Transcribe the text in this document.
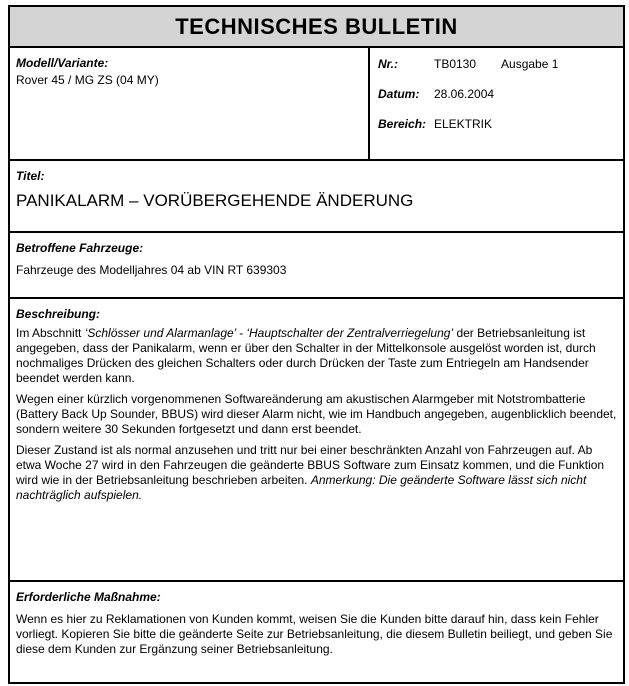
TECHNISCHES BULLETIN
Modell/Variante:
Rover 45 / MG ZS (04 MY)
Nr.:	TB0130 Ausgabe 1
Datum: 28.06.2004
Bereich: ELEKTRIK
Titel:
PANIKALARM – VORÜBERGEHENDE ÄNDERUNG
Betroffene Fahrzeuge:
Fahrzeuge des Modelljahres 04 ab VIN RT 639303
Beschreibung:

Im Abschnitt ‘Schlösser und Alarmanlage’ - ‘Hauptschalter der Zentralverriegelung’ der Betriebsanleitung ist angegeben, dass der Panikalarm, wenn er über den Schalter in der Mittelkonsole ausgelöst worden ist, durch nochmaliges Drücken des gleichen Schalters oder durch Drücken der Taste zum Entriegeln am Handsender beendet werden kann.

Wegen einer kürzlich vorgenommenen Softwareänderung am akustischen Alarmgeber mit Notstrombatterie (Battery Back Up Sounder, BBUS) wird dieser Alarm nicht, wie im Handbuch angegeben, augenblicklich beendet, sondern weitere 30 Sekunden fortgesetzt und dann erst beendet.

Dieser Zustand ist als normal anzusehen und tritt nur bei einer beschränkten Anzahl von Fahrzeugen auf. Ab etwa Woche 27 wird in den Fahrzeugen die geänderte BBUS Software zum Einsatz kommen, und die Funktion wird wie in der Betriebsanleitung beschrieben arbeiten. Anmerkung: Die geänderte Software lässt sich nicht nachträglich aufspielen.

Erforderliche Maßnahme:

Wenn es hier zu Reklamationen von Kunden kommt, weisen Sie die Kunden bitte darauf hin, dass kein Fehler vorliegt. Kopieren Sie bitte die geänderte Seite zur Betriebsanleitung, die diesem Bulletin beiliegt, und geben Sie diese dem Kunden zur Ergänzung seiner Betriebsanleitung.
